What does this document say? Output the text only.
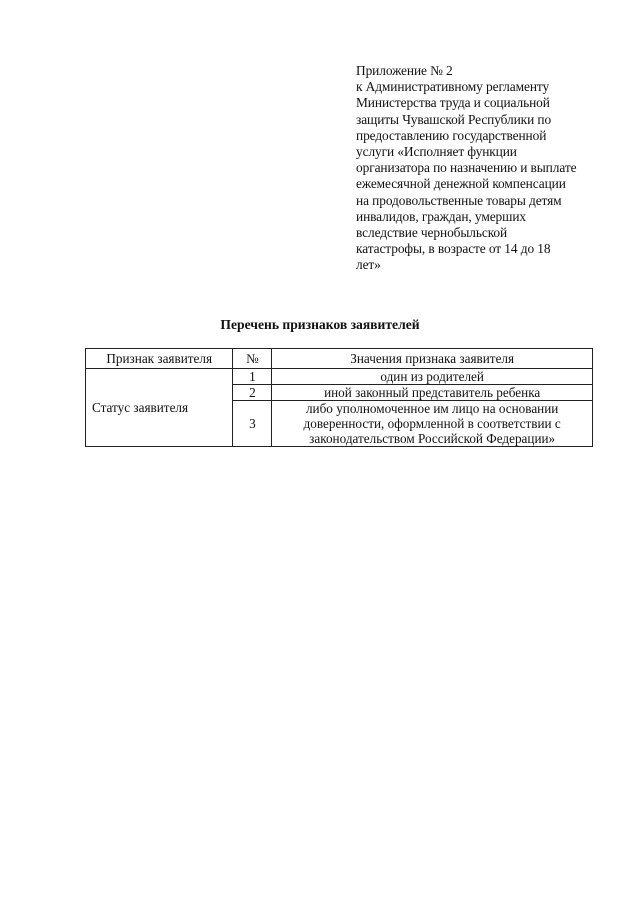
Приложение № 2
к Административному регламенту
Министерства труда и социальной
защиты Чувашской Республики по
предоставлению государственной
услуги «Исполняет функции
организатора по назначению и выплате
ежемесячной денежной компенсации
на продовольственные товары детям
инвалидов, граждан, умерших
вследствие чернобыльской
катастрофы, в возрасте от 14 до 18
лет»
Перечень признаков заявителей
Признак заявителя	№	Значения признака заявителя
Статус заявителя	1	один из родителей
	2	иной законный представитель ребенка
	3	либо уполномоченное им лицо на основании
доверенности, оформленной в соответствии с
законодательством Российской Федерации»
